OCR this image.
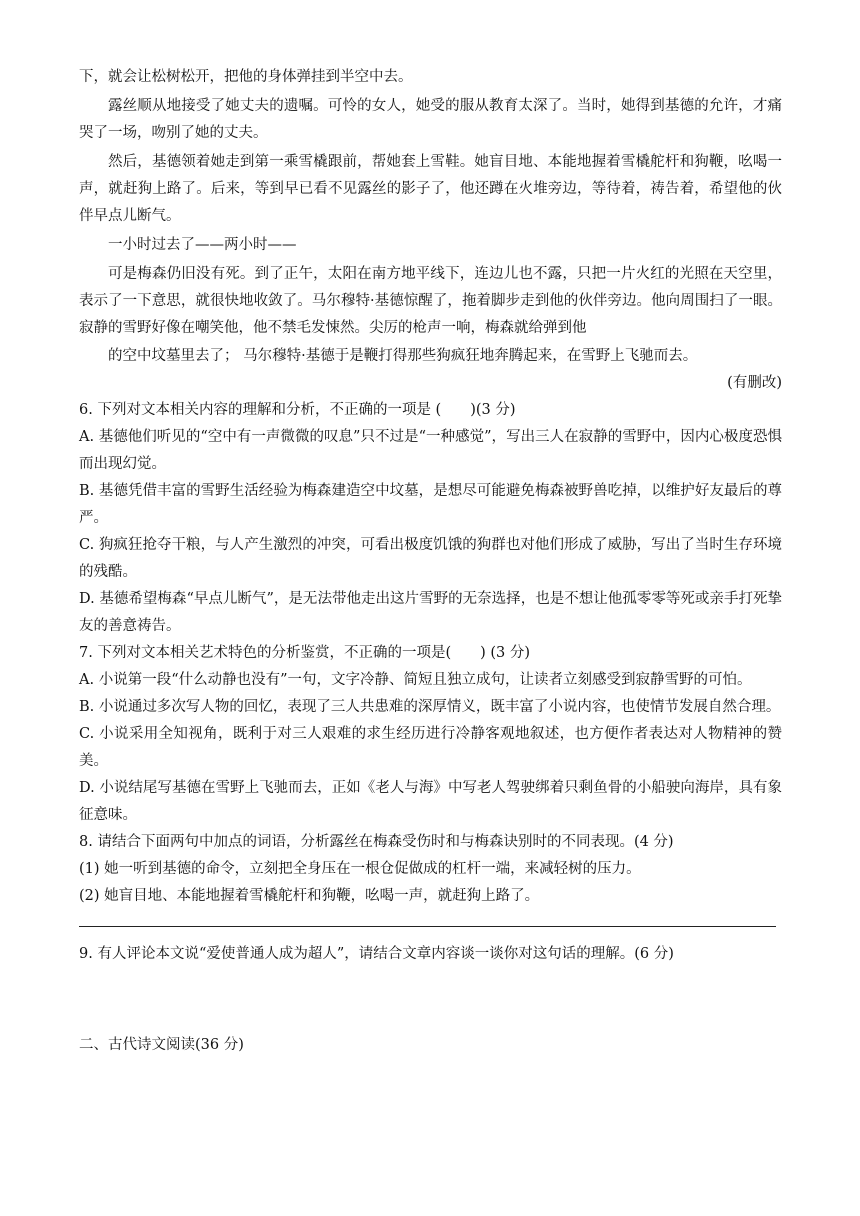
下，就会让松树松开，把他的身体弹挂到半空中去。

露丝顺从地接受了她丈夫的遗嘱。可怜的女人，她受的服从教育太深了。当时，她得到基德的允许，才痛哭了一场，吻别了她的丈夫。

然后，基德领着她走到第一乘雪橇跟前，帮她套上雪鞋。她盲目地、本能地握着雪橇舵杆和狗鞭，吆喝一声，就赶狗上路了。后来，等到早已看不见露丝的影子了，他还蹲在火堆旁边，等待着，祷告着，希望他的伙伴早点儿断气。

一小时过去了——两小时——

可是梅森仍旧没有死。到了正午，太阳在南方地平线下，连边儿也不露，只把一片火红的光照在天空里，表示了一下意思，就很快地收敛了。马尔穆特·基德惊醒了，拖着脚步走到他的伙伴旁边。他向周围扫了一眼。寂静的雪野好像在嘲笑他，他不禁毛发悚然。尖厉的枪声一响，梅森就给弹到他

的空中坟墓里去了； 马尔穆特·基德于是鞭打得那些狗疯狂地奔腾起来，在雪野上飞驰而去。

(有删改)

6. 下列对文本相关内容的理解和分析，不正确的一项是 (　　)(3 分)

A. 基德他们听见的“空中有一声微微的叹息”只不过是“一种感觉”，写出三人在寂静的雪野中，因内心极度恐惧而出现幻觉。

B. 基德凭借丰富的雪野生活经验为梅森建造空中坟墓，是想尽可能避免梅森被野兽吃掉，以维护好友最后的尊严。

C. 狗疯狂抢夺干粮，与人产生激烈的冲突，可看出极度饥饿的狗群也对他们形成了威胁，写出了当时生存环境的残酷。

D. 基德希望梅森“早点儿断气”，是无法带他走出这片雪野的无奈选择，也是不想让他孤零零等死或亲手打死挚友的善意祷告。

7. 下列对文本相关艺术特色的分析鉴赏，不正确的一项是(　　) (3 分)

A. 小说第一段“什么动静也没有”一句，文字冷静、简短且独立成句，让读者立刻感受到寂静雪野的可怕。

B. 小说通过多次写人物的回忆，表现了三人共患难的深厚情义，既丰富了小说内容，也使情节发展自然合理。

C. 小说采用全知视角，既利于对三人艰难的求生经历进行冷静客观地叙述，也方便作者表达对人物精神的赞美。

D. 小说结尾写基德在雪野上飞驰而去，正如《老人与海》中写老人驾驶绑着只剩鱼骨的小船驶向海岸，具有象征意味。

8. 请结合下面两句中加点的词语，分析露丝在梅森受伤时和与梅森诀别时的不同表现。(4 分)

(1) 她一听到基德的命令，立刻把全身压在一根仓促做成的杠杆一端，来减轻树的压力。

(2) 她盲目地、本能地握着雪橇舵杆和狗鞭，吆喝一声，就赶狗上路了。

9. 有人评论本文说“爱使普通人成为超人”，请结合文章内容谈一谈你对这句话的理解。(6 分)

二、古代诗文阅读(36 分)
